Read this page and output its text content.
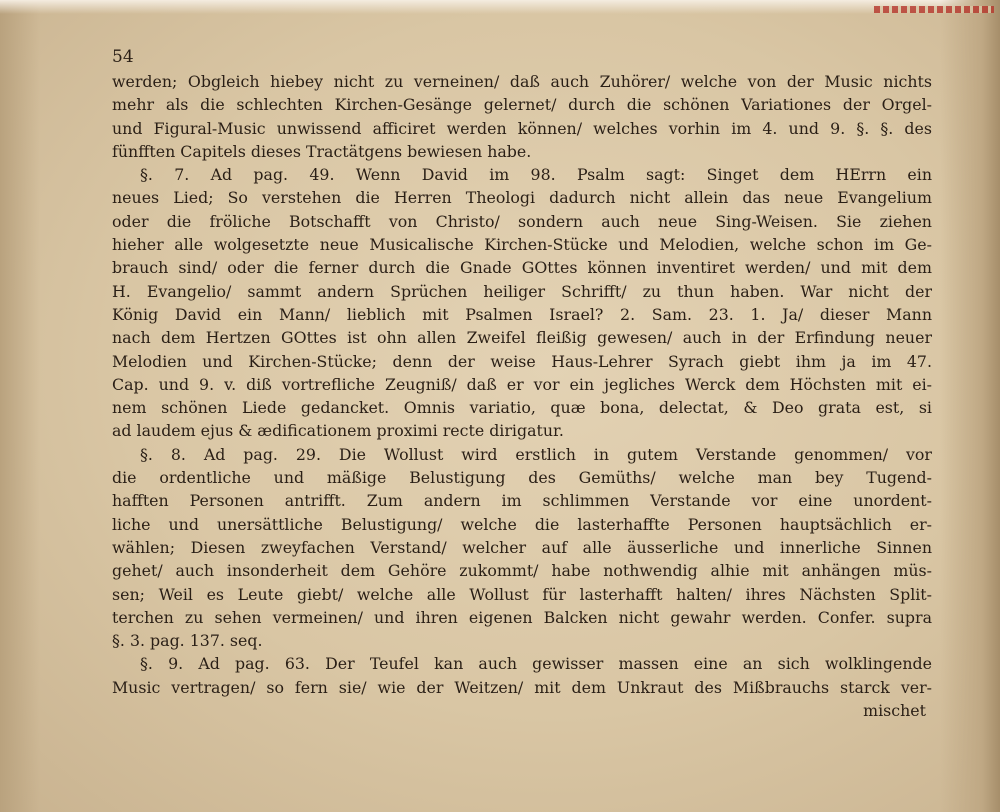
54
werden; Obgleich hiebey nicht zu verneinen/ daß auch Zuhörer/ welche von der Music nichts
mehr als die schlechten Kirchen-Gesänge gelernet/ durch die schönen Variationes der Orgel-
und Figural-Music unwissend afficiret werden können/ welches vorhin im 4. und 9. §. §. des
fünfften Capitels dieses Tractätgens bewiesen habe.
§. 7. Ad pag. 49. Wenn David im 98. Psalm sagt: Singet dem HErrn ein
neues Lied; So verstehen die Herren Theologi dadurch nicht allein das neue Evangelium
oder die fröliche Botschafft von Christo/ sondern auch neue Sing-Weisen. Sie ziehen
hieher alle wolgesetzte neue Musicalische Kirchen-Stücke und Melodien, welche schon im Ge-
brauch sind/ oder die ferner durch die Gnade GOttes können inventiret werden/ und mit dem
H. Evangelio/ sammt andern Sprüchen heiliger Schrifft/ zu thun haben. War nicht der
König David ein Mann/ lieblich mit Psalmen Israel? 2. Sam. 23. 1. Ja/ dieser Mann
nach dem Hertzen GOttes ist ohn allen Zweifel fleißig gewesen/ auch in der Erfindung neuer
Melodien und Kirchen-Stücke; denn der weise Haus-Lehrer Syrach giebt ihm ja im 47.
Cap. und 9. v. diß vortrefliche Zeugniß/ daß er vor ein jegliches Werck dem Höchsten mit ei-
nem schönen Liede gedancket. Omnis variatio, quæ bona, delectat, & Deo grata est, si
ad laudem ejus & ædificationem proximi recte dirigatur.
§. 8. Ad pag. 29. Die Wollust wird erstlich in gutem Verstande genommen/ vor
die ordentliche und mäßige Belustigung des Gemüths/ welche man bey Tugend-
hafften Personen antrifft. Zum andern im schlimmen Verstande vor eine unordent-
liche und unersättliche Belustigung/ welche die lasterhaffte Personen hauptsächlich er-
wählen; Diesen zweyfachen Verstand/ welcher auf alle äusserliche und innerliche Sinnen
gehet/ auch insonderheit dem Gehöre zukommt/ habe nothwendig alhie mit anhängen müs-
sen; Weil es Leute giebt/ welche alle Wollust für lasterhafft halten/ ihres Nächsten Split-
terchen zu sehen vermeinen/ und ihren eigenen Balcken nicht gewahr werden. Confer. supra
§. 3. pag. 137. seq.
§. 9. Ad pag. 63. Der Teufel kan auch gewisser massen eine an sich wolklingende
Music vertragen/ so fern sie/ wie der Weitzen/ mit dem Unkraut des Mißbrauchs starck ver-
mischet
